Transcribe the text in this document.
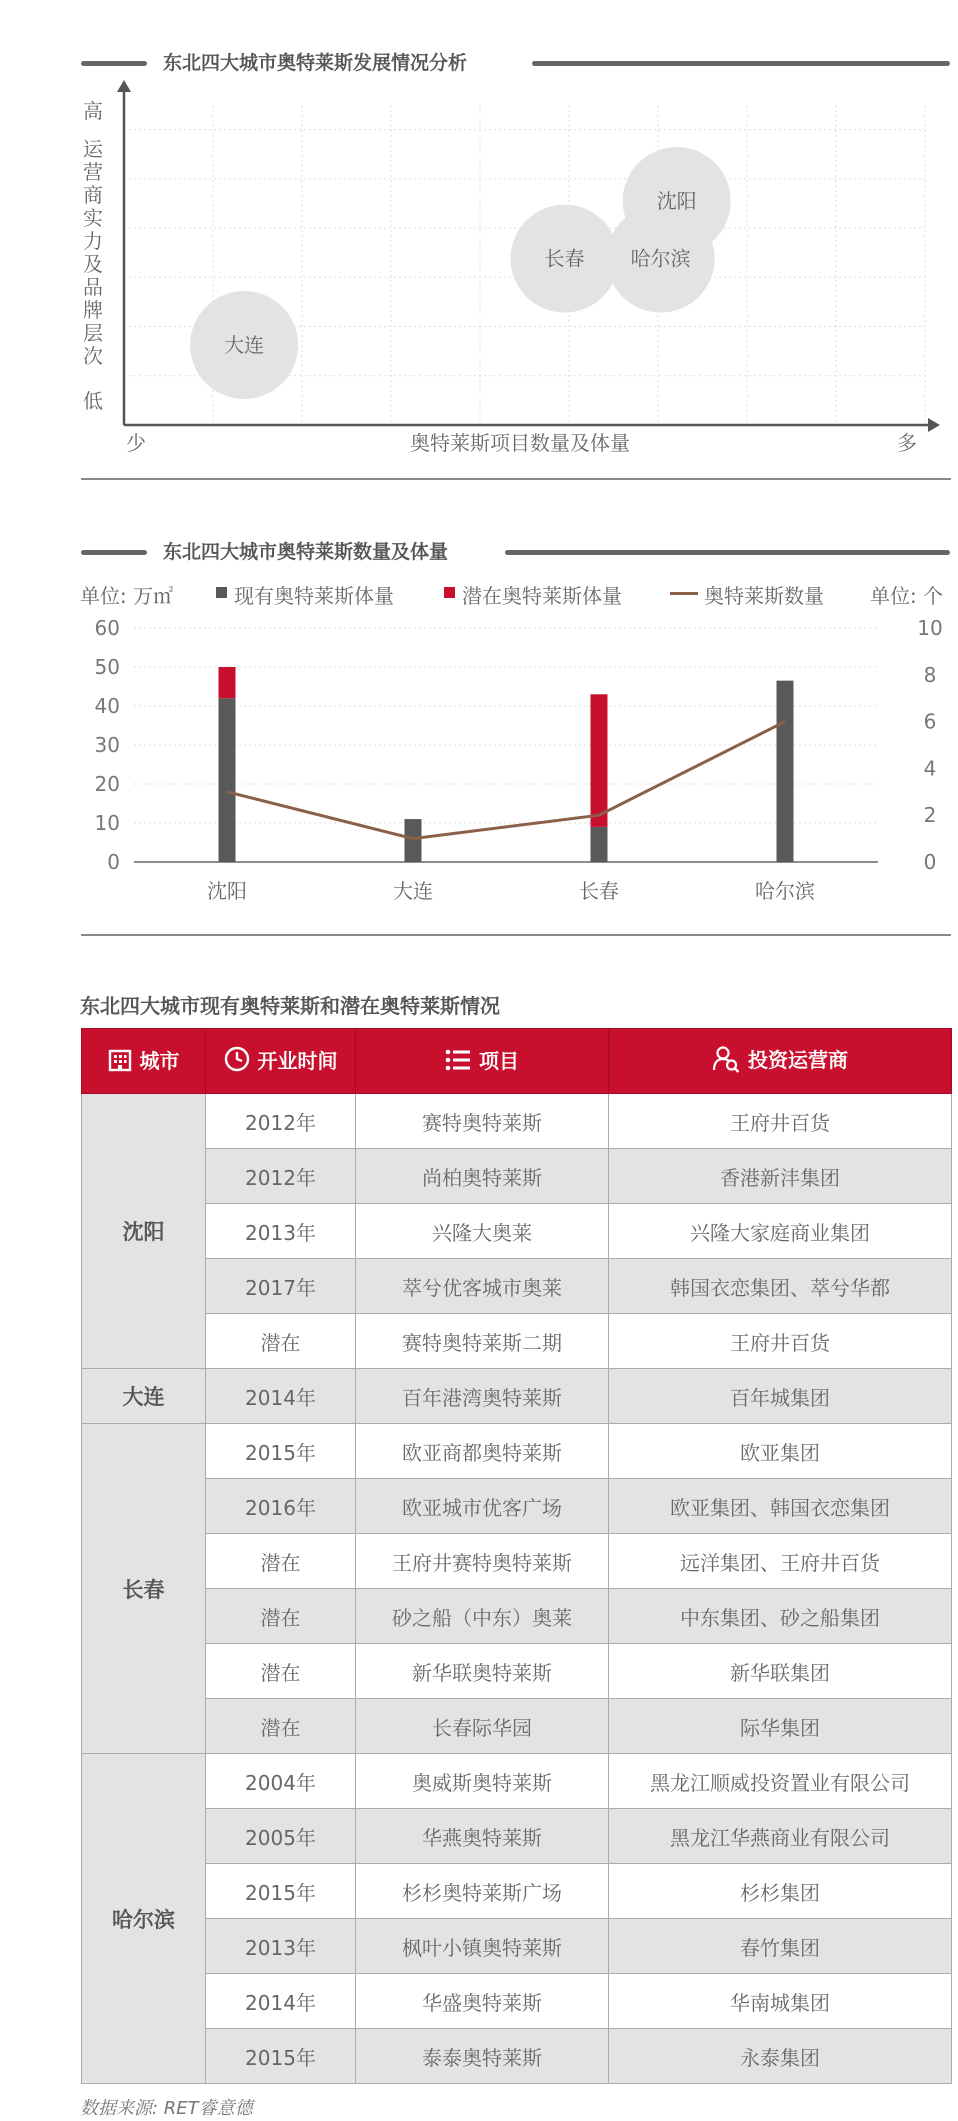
东北四大城市奥特莱斯发展情况分析
高
低
运营商实力及品牌层次
少	多
奥特莱斯项目数量及体量
大连
长春 哈尔滨
沈阳
东北四大城市奥特莱斯数量及体量
单位: 万㎡	现有奥特莱斯体量	潜在奥特莱斯体量	奥特莱斯数量 单位: 个
0
10
20
30
40
50
60
0
2
4
6
8
10
沈阳	大连	长春	哈尔滨
东北四大城市现有奥特莱斯和潜在奥特莱斯情况
城市	开业时间	项目	投资运营商

沈阳	2012年	赛特奥特莱斯	王府井百货
	2012年	尚柏奥特莱斯	香港新沣集团
	2013年	兴隆大奥莱	兴隆大家庭商业集团
	2017年	萃兮优客城市奥莱	韩国衣恋集团、萃兮华都
	潜在	赛特奥特莱斯二期	王府井百货
大连	2014年	百年港湾奥特莱斯	百年城集团
长春	2015年	欧亚商都奥特莱斯	欧亚集团
	2016年	欧亚城市优客广场	欧亚集团、韩国衣恋集团
	潜在	王府井赛特奥特莱斯	远洋集团、王府井百货
	潜在	砂之船（中东）奥莱	中东集团、砂之船集团
	潜在	新华联奥特莱斯	新华联集团
	潜在	长春际华园	际华集团
哈尔滨	2004年	奥威斯奥特莱斯	黑龙江顺威投资置业有限公司
	2005年	华燕奥特莱斯	黑龙江华燕商业有限公司
	2015年	杉杉奥特莱斯广场	杉杉集团
	2013年	枫叶小镇奥特莱斯	春竹集团
	2014年	华盛奥特莱斯	华南城集团
	2015年	泰泰奥特莱斯	永泰集团
数据来源: RET睿意德
